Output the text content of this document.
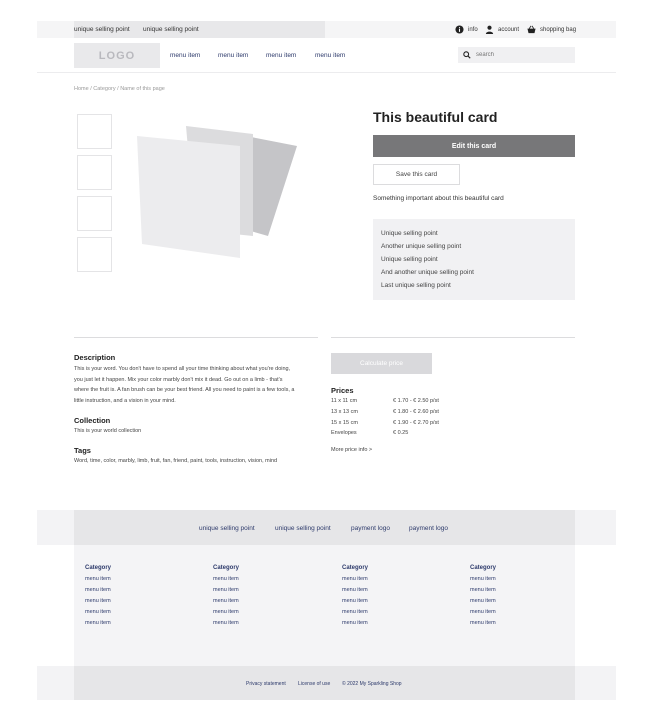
unique selling point unique selling point	info	account	shopping bag
LOGO	menu item	menu item	menu item	menu item
search
Home / Category / Name of this page
This beautiful card
Edit this card
Save this card
Something important about this beautiful card
Unique selling point
Another unique selling point
Unique selling point
And another unique selling point
Last unique selling point
Description
This is your word. You don't have to spend all your time thinking about what you're doing,
you just let it happen. Mix your color marbly don't mix it dead. Go out on a limb - that's
where the fruit is. A fan brush can be your best friend. All you need to paint is a few tools, a
little instruction, and a vision in your mind.
Collection
This is your world collection
Tags
Word, time, color, marbly, limb, fruit, fan, friend, paint, tools, instruction, vision, mind
Calculate price
Prices
11 x 11 cm	€ 1.70 - € 2.50 p/st
13 x 13 cm	€ 1.80 - € 2.60 p/st
15 x 15 cm	€ 1.90 - € 2.70 p/st
Envelopes	€ 0.25
More price info >
unique selling point	unique selling point	payment logo	payment logo
Category
menu item
menu item
menu item
menu item
menu item
Category
menu item
menu item
menu item
menu item
menu item
Category
menu item
menu item
menu item
menu item
menu item
Category
menu item
menu item
menu item
menu item
menu item
Privacy statement License of use © 2022 My Sparkling Shop
